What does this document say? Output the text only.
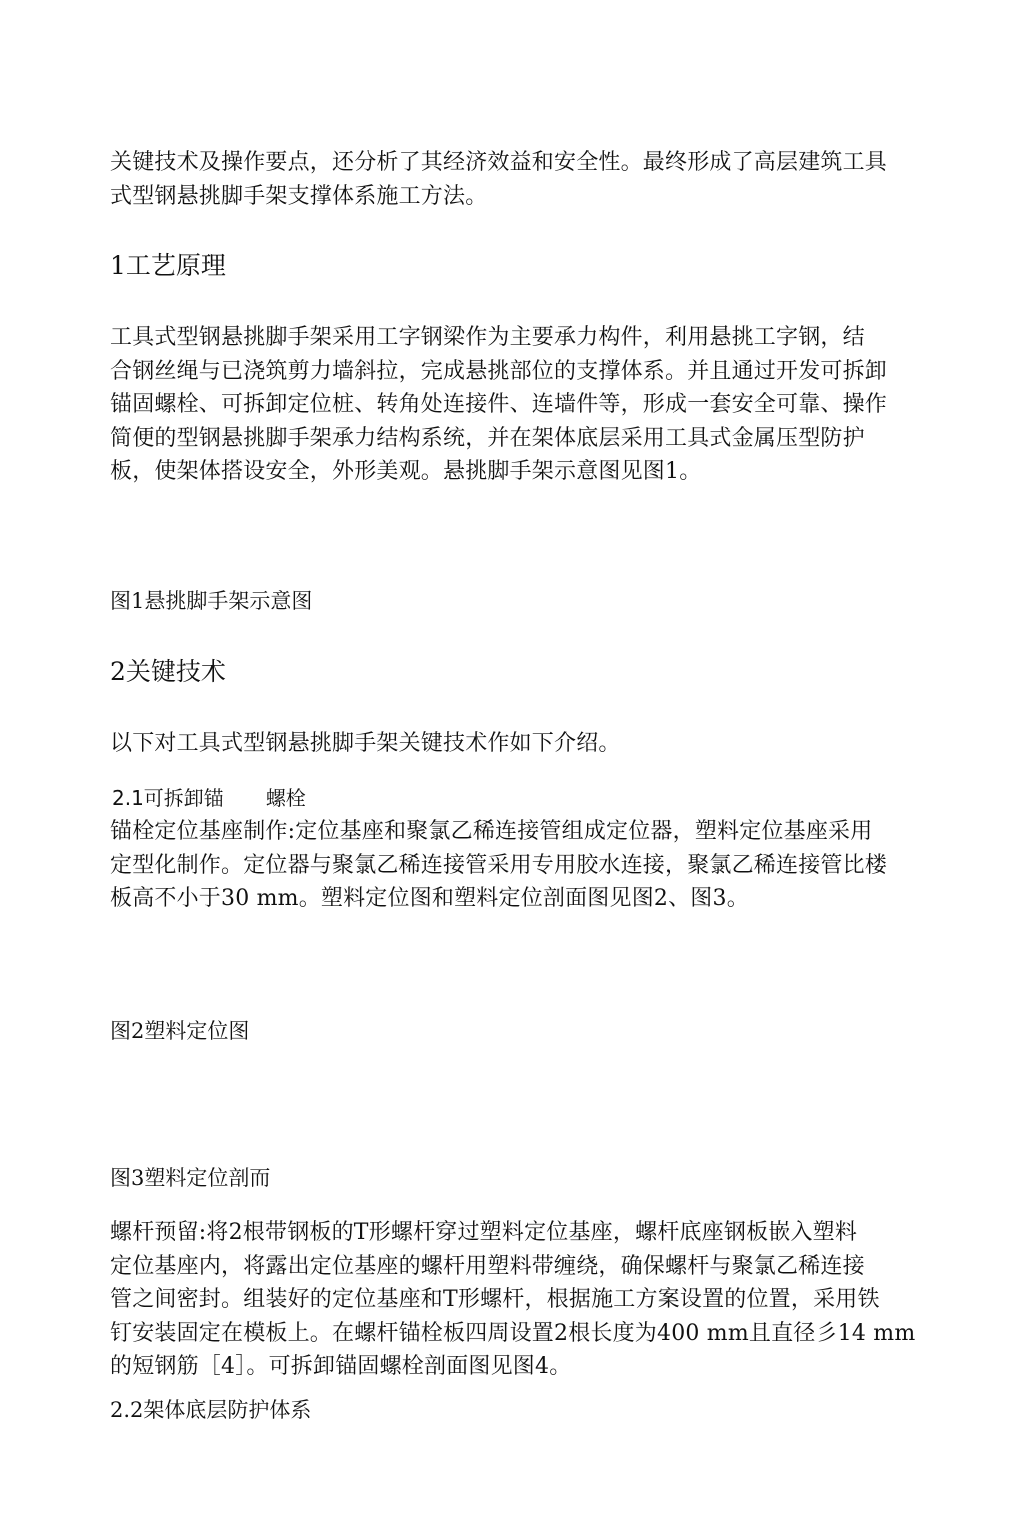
关键技术及操作要点，还分析了其经济效益和安全性。最终形成了高层建筑工具
式型钢悬挑脚手架支撑体系施工方法。

1工艺原理

工具式型钢悬挑脚手架采用工字钢梁作为主要承力构件，利用悬挑工字钢，结
合钢丝绳与已浇筑剪力墙斜拉，完成悬挑部位的支撑体系。并且通过开发可拆卸
锚固螺栓、可拆卸定位桩、转角处连接件、连墙件等，形成一套安全可靠、操作
简便的型钢悬挑脚手架承力结构系统，并在架体底层采用工具式金属压型防护
板，使架体搭设安全，外形美观。悬挑脚手架示意图见图1。

图1悬挑脚手架示意图
2关键技术

以下对工具式型钢悬挑脚手架关键技术作如下介绍。

2.1可拆卸锚 螺栓

锚栓定位基座制作:定位基座和聚氯乙稀连接管组成定位器，塑料定位基座采用
定型化制作。定位器与聚氯乙稀连接管采用专用胶水连接，聚氯乙稀连接管比楼
板高不小于30 mm。塑料定位图和塑料定位剖面图见图2、图3。

图2塑料定位图
图3塑料定位剖而

螺杆预留:将2根带钢板的T形螺杆穿过塑料定位基座，螺杆底座钢板嵌入塑料
定位基座内，将露出定位基座的螺杆用塑料带缠绕，确保螺杆与聚氯乙稀连接
管之间密封。组装好的定位基座和T形螺杆，根据施工方案设置的位置，采用铁
钉安装固定在模板上。在螺杆锚栓板四周设置2根长度为400 mm且直径彡14 mm
的短钢筋［4］。可拆卸锚固螺栓剖面图见图4。

2.2架体底层防护体系
